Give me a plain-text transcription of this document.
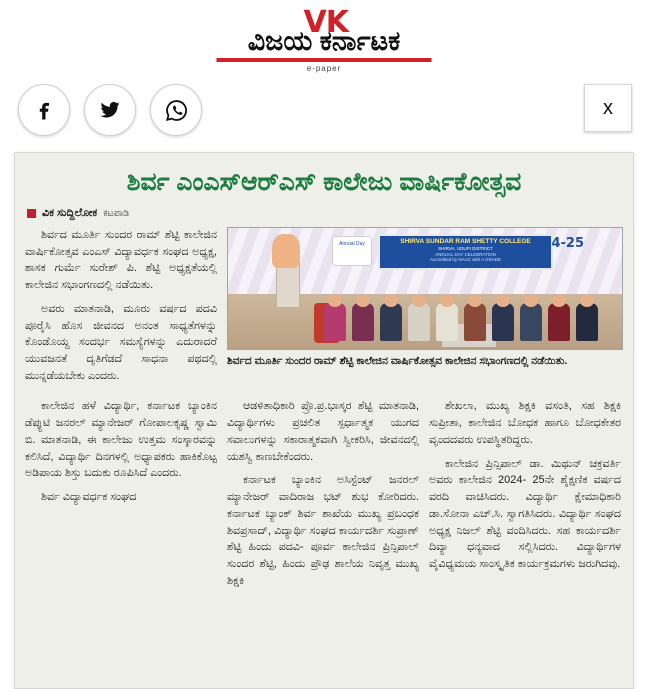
VK
ವಿಜಯ ಕರ್ನಾಟಕ
e-paper
x
ಶಿರ್ವ ಎಂಎಸ್‌ಆರ್‌ಎಸ್ ಕಾಲೇಜು ವಾರ್ಷಿಕೋತ್ಸವ
ವಿಕ ಸುದ್ದಿಲೋಕ ಕಟಪಾಡಿ

ಶಿರ್ವದ ಮೂರ್ತಿ ಸುಂದರ ರಾಮ್ ಶೆಟ್ಟಿ ಕಾಲೇಜಿನ ವಾರ್ಷಿಕೋತ್ಸವ ಎಂಎಸ್ ವಿದ್ಯಾವರ್ಧಕ ಸಂಘದ ಅಧ್ಯಕ್ಷ, ಶಾಸಕ ಗುರ್ಮೆ ಸುರೇಶ್ ಪಿ. ಶೆಟ್ಟಿ ಅಧ್ಯಕ್ಷತೆಯಲ್ಲಿ ಕಾಲೇಜಿನ ಸಭಾಂಗಣದಲ್ಲಿ ನಡೆಯಿತು.

ಅವರು ಮಾತನಾಡಿ, ಮೂರು ವರ್ಷದ ಪದವಿ ಪೂರೈಸಿ ಹೊಸ ಜೀವನದ ಅನಂತ ಸಾಧ್ಯತೆಗಳನ್ನು ಕೊಂಡೊಯ್ದ ಸಂದರ್ಭ ಸಮಸ್ಯೆಗಳನ್ನು ಎದುರಾದರೆ ಯುವಜನತೆ ದೃತಿಗೆಡದೆ ಸಾಧನಾ ಪಥದಲ್ಲಿ ಮುನ್ನಡೆಯಬೇಕು ಎಂದರು.

Annual Day	SHIRVA SUNDAR RAM SHETTY COLLEGE
SHIRVA, UDUPI DISTRICT
ANNUAL DAY CELEBRATION
Accredited by NAAC with A GRADE
24-25
ಶಿರ್ವದ ಮೂರ್ತಿ ಸುಂದರ ರಾಮ್ ಶೆಟ್ಟಿ ಕಾಲೇಜಿನ ವಾರ್ಷಿಕೋತ್ಸವ ಕಾಲೇಜಿನ ಸಭಾಂಗಣದಲ್ಲಿ ನಡೆಯಿತು.

ಕಾಲೇಜಿನ ಹಳೆ ವಿದ್ಯಾರ್ಥಿ, ಕರ್ನಾಟಕ ಬ್ಯಾಂಕಿನ ಡೆಪ್ಯುಟಿ ಜನರಲ್ ಮ್ಯಾನೇಜರ್ ಗೋಪಾಲಕೃಷ್ಣ ಸ್ವಾಮಿ ಬಿ. ಮಾತನಾಡಿ, ಈ ಕಾಲೇಜು ಉತ್ತಮ ಸಂಸ್ಕಾರವನ್ನು ಕಲಿಸಿದೆ, ವಿದ್ಯಾರ್ಥಿ ದಿನಗಳಲ್ಲಿ ಅಧ್ಯಾಪಕರು ಹಾಕಿಕೊಟ್ಟ ಅಡಿಪಾಯ ಶಿಸ್ತು ಬದುಕು ರೂಪಿಸಿದೆ ಎಂದರು.

ಶಿರ್ವ ವಿದ್ಯಾವರ್ಧಕ ಸಂಘದ

ಆಡಳಿತಾಧಿಕಾರಿ ಪ್ರೊ.ಪ್ರ.ಭಾಸ್ಕರ ಶೆಟ್ಟಿ ಮಾತನಾಡಿ, ವಿದ್ಯಾರ್ಥಿಗಳು ಪ್ರಚಲಿತ ಸ್ಪರ್ಧಾತ್ಮಕ ಯುಗದ ಸವಾಲುಗಳನ್ನು ಸಕಾರಾತ್ಮಕವಾಗಿ ಸ್ವೀಕರಿಸಿ, ಜೀವನದಲ್ಲಿ ಯಶಸ್ವಿ ಕಾಣಬೇಕೆಂದರು.

ಕರ್ನಾಟಕ ಬ್ಯಾಂಕಿನ ಅಸಿಸ್ಟೆಂಟ್ ಜನರಲ್ ಮ್ಯಾನೇಜರ್ ವಾದಿರಾಜ ಭಟ್ ಶುಭ ಕೋರಿದರು. ಕರ್ನಾಟಕ ಬ್ಯಾಂಕ್ ಶಿರ್ವ ಶಾಖೆಯ ಮುಖ್ಯ ಪ್ರಬಂಧಕ ಶಿವಪ್ರಸಾದ್, ವಿದ್ಯಾರ್ಥಿ ಸಂಘದ ಕಾರ್ಯದರ್ಶಿ ಸುಪ್ರಾಣ್ ಶೆಟ್ಟಿ ಹಿಂದು ಪದವಿ- ಪೂರ್ವ ಕಾಲೇಜಿನ ಪ್ರಿನ್ಸಿಪಾಲ್ ಸುಂದರ ಶೆಟ್ಟಿ, ಹಿಂದು ಪ್ರೌಢ ಶಾಲೆಯ ನಿವೃತ್ತ ಮುಖ್ಯ ಶಿಕ್ಷಕಿ

ಶೇಖಲಾ, ಮುಖ್ಯ ಶಿಕ್ಷಕಿ ವಸಂತಿ, ಸಹ ಶಿಕ್ಷಕಿ ಸುಪ್ರೀತಾ, ಕಾಲೇಜಿನ ಬೋಧಕ ಹಾಗೂ ಬೋಧಕೇತರ ವೃಂದದವರು ಉಪಸ್ಥಿತರಿದ್ದರು.

ಕಾಲೇಜಿನ ಪ್ರಿನ್ಸಿಪಾಲ್ ಡಾ. ಮಿಥುನ್ ಚಕ್ರವರ್ತಿ ಅವರು ಕಾಲೇಜಿನ 2024- 25ನೇ ಶೈಕ್ಷಣಿಕ ವರ್ಷದ ವರದಿ ವಾಚಿಸಿದರು. ವಿದ್ಯಾರ್ಥಿ ಕ್ಷೇಮಾಧಿಕಾರಿ ಡಾ.ಸೋನಾ ಎಚ್.ಸಿ. ಸ್ವಾಗತಿಸಿದರು. ವಿದ್ಯಾರ್ಥಿ ಸಂಘದ ಅಧ್ಯಕ್ಷ ನಿಜಲ್ ಶೆಟ್ಟಿ ವಂದಿಸಿದರು. ಸಹ ಕಾರ್ಯದರ್ಶಿ ದಿವ್ಯಾ ಧನ್ಯವಾದ ಸಲ್ಲಿಸಿದರು. ವಿದ್ಯಾರ್ಥಿಗಳ ವೈವಿಧ್ಯಮಯ ಸಾಂಸ್ಕೃತಿಕ ಕಾರ್ಯಕ್ರಮಗಳು ಜರುಗಿದವು.
